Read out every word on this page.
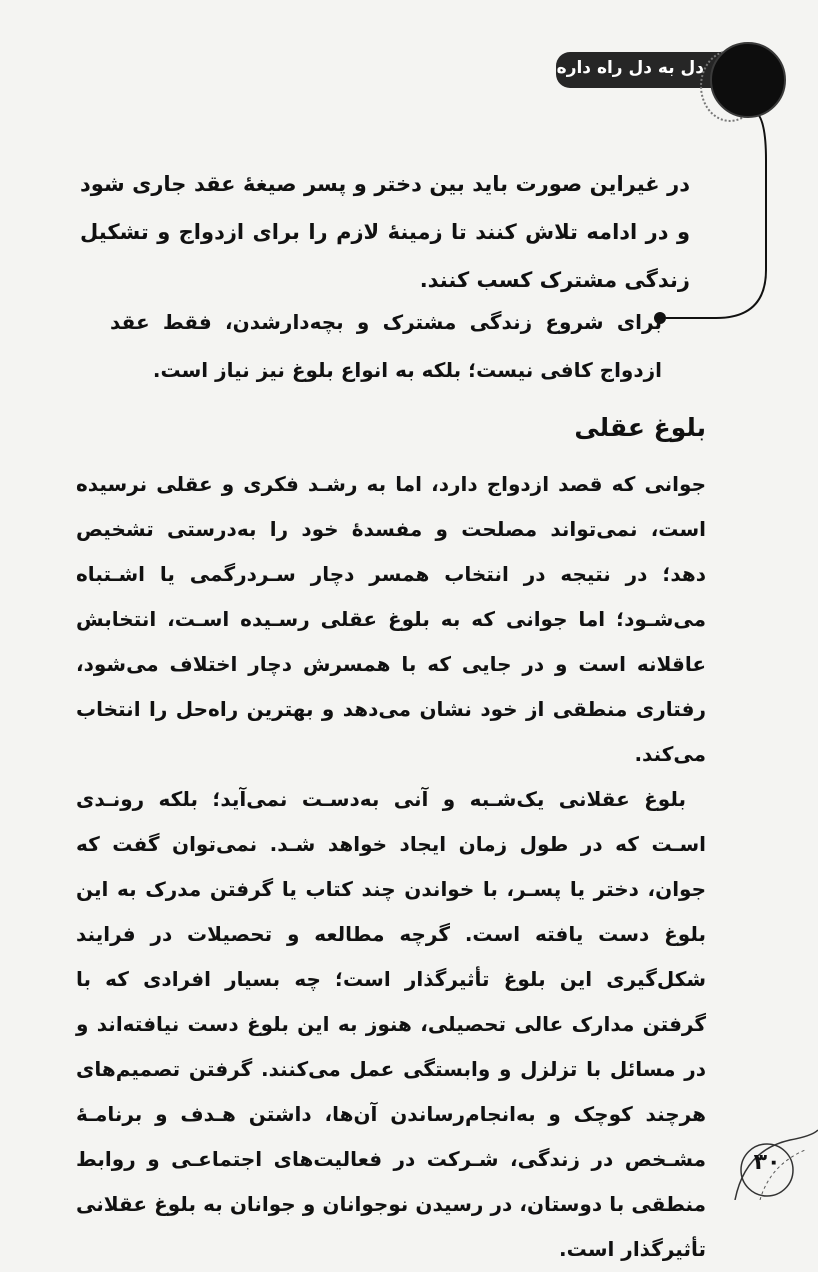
دل به دل راه داره
در غیراین صورت باید بین دختر و پسر صیغهٔ عقد جاری شود و در ادامه تلاش کنند تا زمینهٔ لازم را برای ازدواج و تشکیل زندگی مشترک کسب کنند.
برای شروع زندگی مشترک و بچه‌دارشدن، فقط عقد ازدواج کافی نیست؛ بلکه به انواع بلوغ نیز نیاز است.
بلوغ عقلی

جوانی که قصد ازدواج دارد، اما به رشـد فکری و عقلی نرسیده است، نمی‌تواند مصلحت و مفسدهٔ خود را به‌درستی تشخیص دهد؛ در نتیجه در انتخاب همسر دچار سـردرگمی یا اشـتباه می‌شـود؛ اما جوانی که به بلوغ عقلی رسـیده اسـت، انتخابش عاقلانه است و در جایی که با همسرش دچار اختلاف می‌شود، رفتاری منطقی از خود نشان می‌دهد و بهترین راه‌حل را انتخاب می‌کند.

بلوغ عقلانی یک‌شـبه و آنی به‌دسـت نمی‌آید؛ بلکه رونـدی اسـت که در طول زمان ایجاد خواهد شـد. نمی‌توان گفت که جوان، دختر یا پسـر، با خواندن چند کتاب یا گرفتن مدرک به این بلوغ دست یافته است. گرچه مطالعه و تحصیلات در فرایند شکل‌گیری این بلوغ تأثیرگذار است؛ چه بسیار افرادی که با گرفتن مدارک عالی تحصیلی، هنوز به این بلوغ دست نیافته‌اند و در مسائل با تزلزل و وابستگی عمل می‌کنند. گرفتن تصمیم‌های هرچند کوچک و به‌انجام‌رساندن آن‌ها، داشتن هـدف و برنامـهٔ مشـخص در زندگی، شـرکت در فعالیت‌های اجتماعـی و روابط منطقی با دوستان، در رسیدن نوجوانان و جوانان به بلوغ عقلانی تأثیرگذار است.

۳۰
